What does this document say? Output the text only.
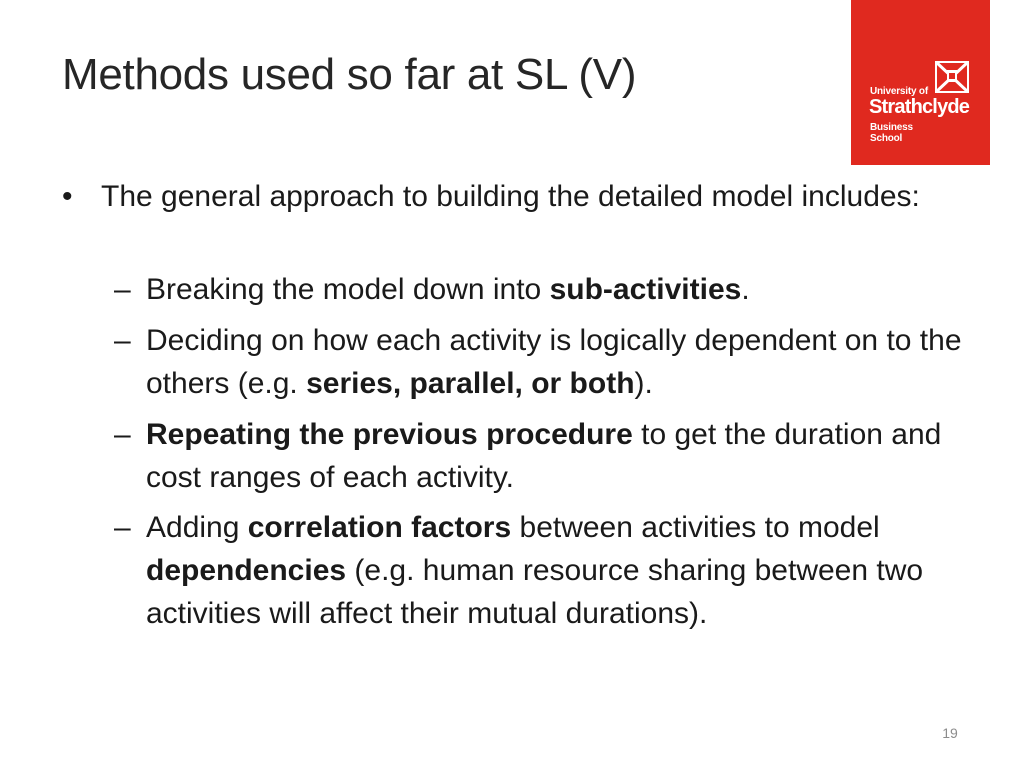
Methods used so far at SL (V)	University of
Strathclyde
Business
School
• The general approach to building the detailed model includes:
– Breaking the model down into sub-activities.
– Deciding on how each activity is logically dependent on to the others (e.g. series, parallel, or both).
– Repeating the previous procedure to get the duration and cost ranges of each activity.
– Adding correlation factors between activities to model dependencies (e.g. human resource sharing between two activities will affect their mutual durations).
19
